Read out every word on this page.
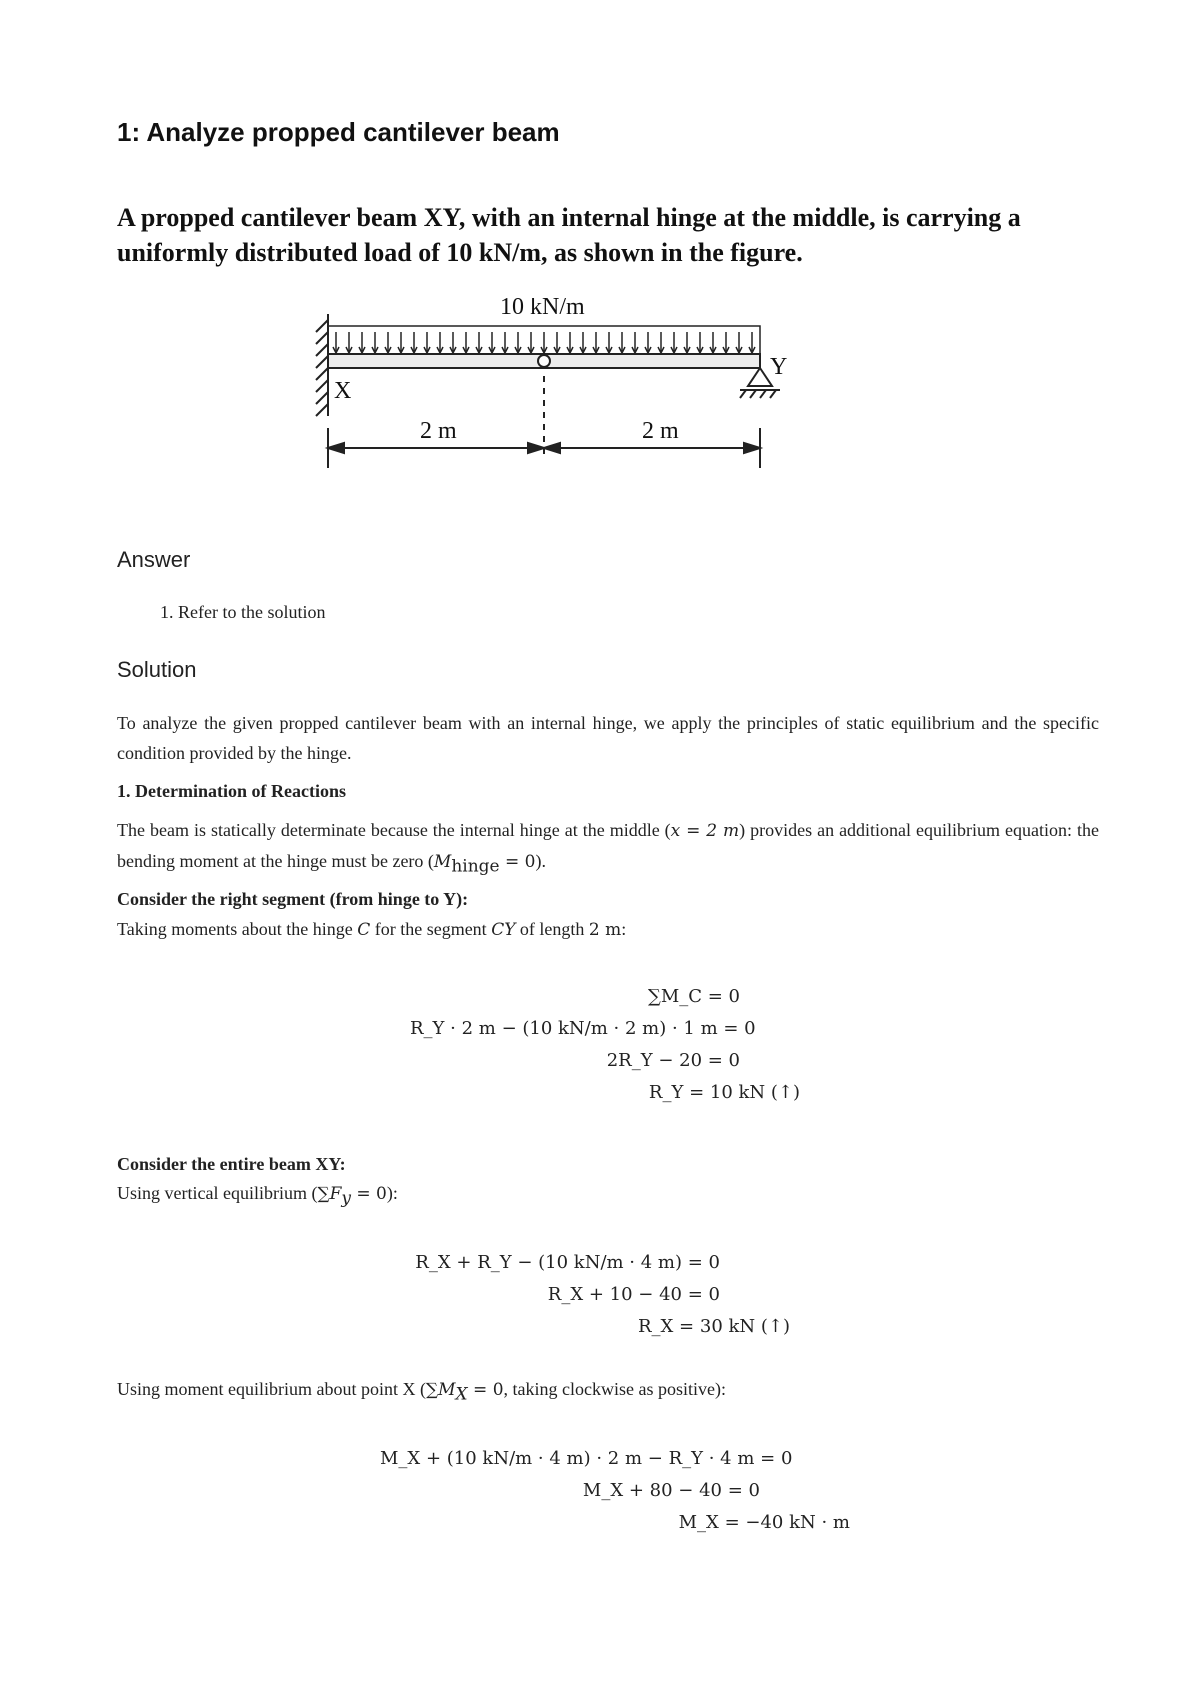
1: Analyze propped cantilever beam

A propped cantilever beam XY, with an internal hinge at the middle, is carrying a uniformly distributed load of 10 kN/m, as shown in the figure.

10 kN/m
X
Y
2 m	2 m
Answer
1. Refer to the solution
Solution

To analyze the given propped cantilever beam with an internal hinge, we apply the principles of static equilibrium and the specific condition provided by the hinge.

1. Determination of Reactions

The beam is statically determinate because the internal hinge at the middle (x = 2 m) provides an additional equilibrium equation: the bending moment at the hinge must be zero $(M_{hinge} = 0)$.

Consider the right segment (from hinge to Y):

Taking moments about the hinge C for the segment CY of length 2 m:

∑M_C = 0
R_Y · 2 m − (10 kN/m · 2 m) · 1 m = 0
2R_Y − 20 = 0
R_Y = 10 kN (↑)

Consider the entire beam XY:

Using vertical equilibrium $(\sum F_y = 0)$:

R_X + R_Y − (10 kN/m · 4 m) = 0
R_X + 10 − 40 = 0
R_X = 30 kN (↑)

Using moment equilibrium about point X ($\sum M_X = 0$, taking clockwise as positive):

M_X + (10 kN/m · 4 m) · 2 m − R_Y · 4 m = 0
M_X + 80 − 40 = 0
M_X = −40 kN · m
